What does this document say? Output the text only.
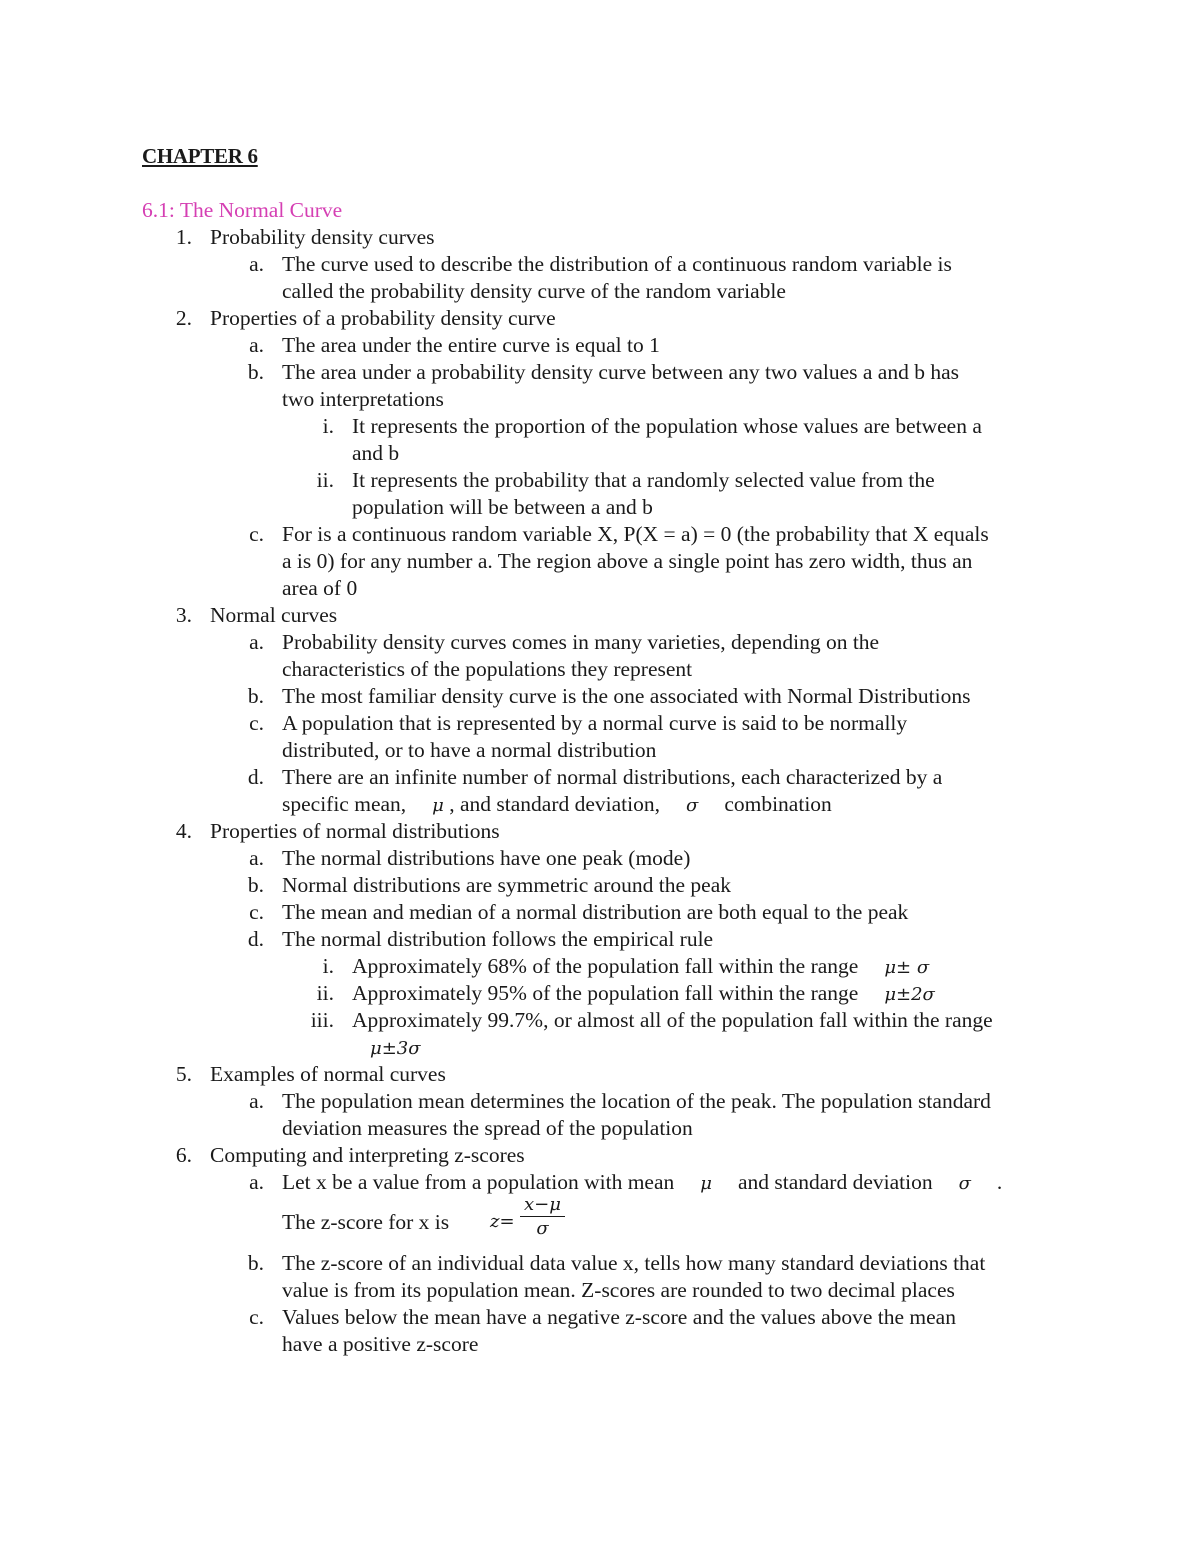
CHAPTER 6
6.1: The Normal Curve
1. Probability density curves
a. The curve used to describe the distribution of a continuous random variable is
called the probability density curve of the random variable
2. Properties of a probability density curve
a. The area under the entire curve is equal to 1
b. The area under a probability density curve between any two values a and b has
two interpretations
i. It represents the proportion of the population whose values are between a
and b
ii. It represents the probability that a randomly selected value from the
population will be between a and b
c. For is a continuous random variable X, P(X = a) = 0 (the probability that X equals
a is 0) for any number a. The region above a single point has zero width, thus an
area of 0
3. Normal curves
a. Probability density curves comes in many varieties, depending on the
characteristics of the populations they represent
b. The most familiar density curve is the one associated with Normal Distributions
c. A population that is represented by a normal curve is said to be normally
distributed, or to have a normal distribution
d. There are an infinite number of normal distributions, each characterized by a
specific mean, μ , and standard deviation, σ combination
4. Properties of normal distributions
a. The normal distributions have one peak (mode)
b. Normal distributions are symmetric around the peak
c. The mean and median of a normal distribution are both equal to the peak
d. The normal distribution follows the empirical rule
i. Approximately 68% of the population fall within the range μ± σ
ii. Approximately 95% of the population fall within the range μ±2σ
iii. Approximately 99.7%, or almost all of the population fall within the range
μ±3σ
5. Examples of normal curves
a. The population mean determines the location of the peak. The population standard
deviation measures the spread of the population
6. Computing and interpreting z-scores
a. Let x be a value from a population with mean μ and standard deviation σ .
The z-score for x is $z= \frac{x-\mu}{\sigma}$
b. The z-score of an individual data value x, tells how many standard deviations that
value is from its population mean. Z-scores are rounded to two decimal places
c. Values below the mean have a negative z-score and the values above the mean
have a positive z-score
